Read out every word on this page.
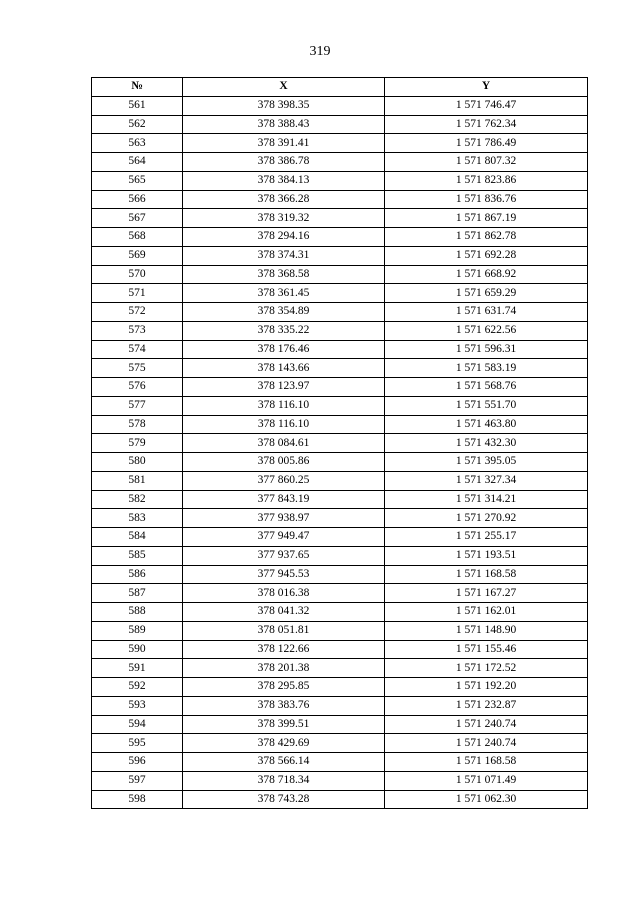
319
№	X	Y
561	378 398.35	1 571 746.47
562	378 388.43	1 571 762.34
563	378 391.41	1 571 786.49
564	378 386.78	1 571 807.32
565	378 384.13	1 571 823.86
566	378 366.28	1 571 836.76
567	378 319.32	1 571 867.19
568	378 294.16	1 571 862.78
569	378 374.31	1 571 692.28
570	378 368.58	1 571 668.92
571	378 361.45	1 571 659.29
572	378 354.89	1 571 631.74
573	378 335.22	1 571 622.56
574	378 176.46	1 571 596.31
575	378 143.66	1 571 583.19
576	378 123.97	1 571 568.76
577	378 116.10	1 571 551.70
578	378 116.10	1 571 463.80
579	378 084.61	1 571 432.30
580	378 005.86	1 571 395.05
581	377 860.25	1 571 327.34
582	377 843.19	1 571 314.21
583	377 938.97	1 571 270.92
584	377 949.47	1 571 255.17
585	377 937.65	1 571 193.51
586	377 945.53	1 571 168.58
587	378 016.38	1 571 167.27
588	378 041.32	1 571 162.01
589	378 051.81	1 571 148.90
590	378 122.66	1 571 155.46
591	378 201.38	1 571 172.52
592	378 295.85	1 571 192.20
593	378 383.76	1 571 232.87
594	378 399.51	1 571 240.74
595	378 429.69	1 571 240.74
596	378 566.14	1 571 168.58
597	378 718.34	1 571 071.49
598	378 743.28	1 571 062.30
